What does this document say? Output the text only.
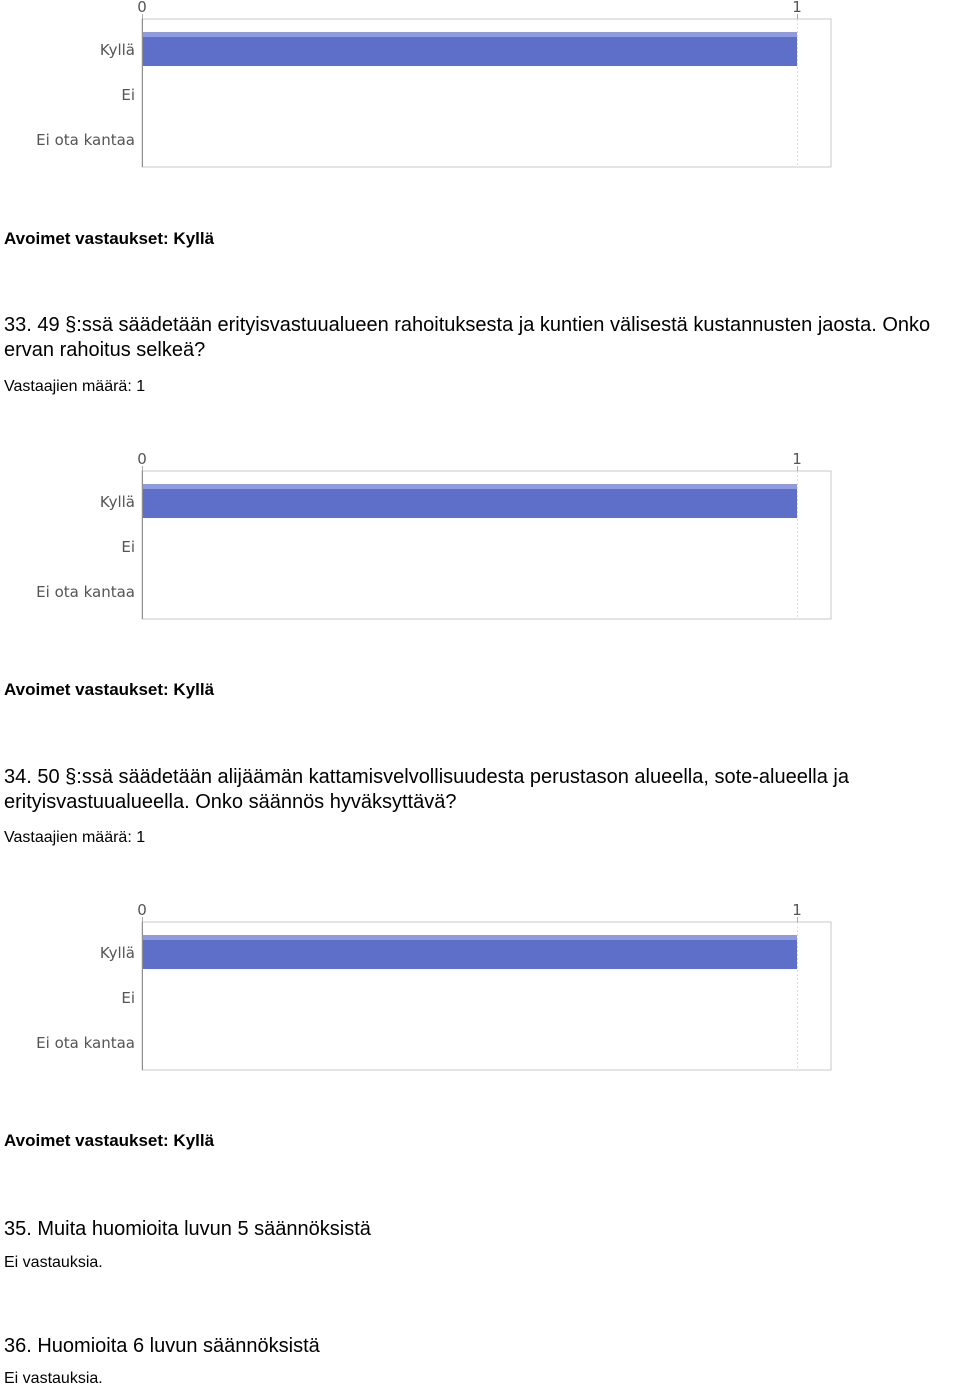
0	1
Kyllä
Ei
Ei ota kantaa

Avoimet vastaukset: Kyllä

33. 49 §:ssä säädetään erityisvastuualueen rahoituksesta ja kuntien välisestä kustannusten jaosta. Onko ervan rahoitus selkeä?

Vastaajien määrä: 1

0	1
Kyllä
Ei
Ei ota kantaa

Avoimet vastaukset: Kyllä

34. 50 §:ssä säädetään alijäämän kattamisvelvollisuudesta perustason alueella, sote-alueella ja erityisvastuualueella. Onko säännös hyväksyttävä?

Vastaajien määrä: 1

0	1
Kyllä
Ei
Ei ota kantaa

Avoimet vastaukset: Kyllä

35. Muita huomioita luvun 5 säännöksistä

Ei vastauksia.

36. Huomioita 6 luvun säännöksistä

Ei vastauksia.
